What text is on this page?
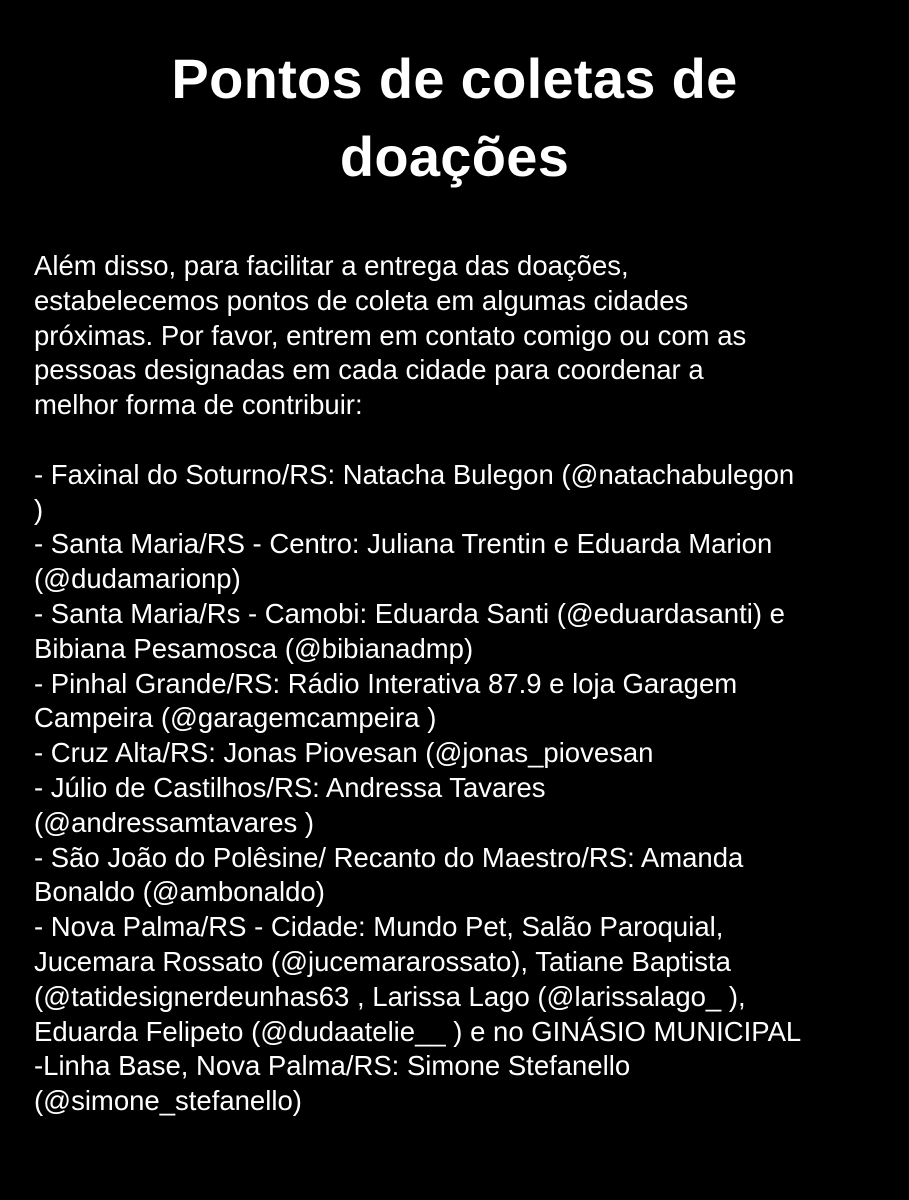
Pontos de coletas de
doações
Além disso, para facilitar a entrega das doações,
estabelecemos pontos de coleta em algumas cidades
próximas. Por favor, entrem em contato comigo ou com as
pessoas designadas em cada cidade para coordenar a
melhor forma de contribuir:
- Faxinal do Soturno/RS: Natacha Bulegon (@natachabulegon
)
- Santa Maria/RS - Centro: Juliana Trentin e Eduarda Marion
(@dudamarionp)
- Santa Maria/Rs - Camobi: Eduarda Santi (@eduardasanti) e
Bibiana Pesamosca (@bibianadmp)
- Pinhal Grande/RS: Rádio Interativa 87.9 e loja Garagem
Campeira (@garagemcampeira )
- Cruz Alta/RS: Jonas Piovesan (@jonas_piovesan
- Júlio de Castilhos/RS: Andressa Tavares
(@andressamtavares )
- São João do Polêsine/ Recanto do Maestro/RS: Amanda
Bonaldo (@ambonaldo)
- Nova Palma/RS - Cidade: Mundo Pet, Salão Paroquial,
Jucemara Rossato (@jucemararossato), Tatiane Baptista
(@tatidesignerdeunhas63 , Larissa Lago (@larissalago_ ),
Eduarda Felipeto (@dudaatelie__ ) e no GINÁSIO MUNICIPAL
-Linha Base, Nova Palma/RS: Simone Stefanello
(@simone_stefanello)
